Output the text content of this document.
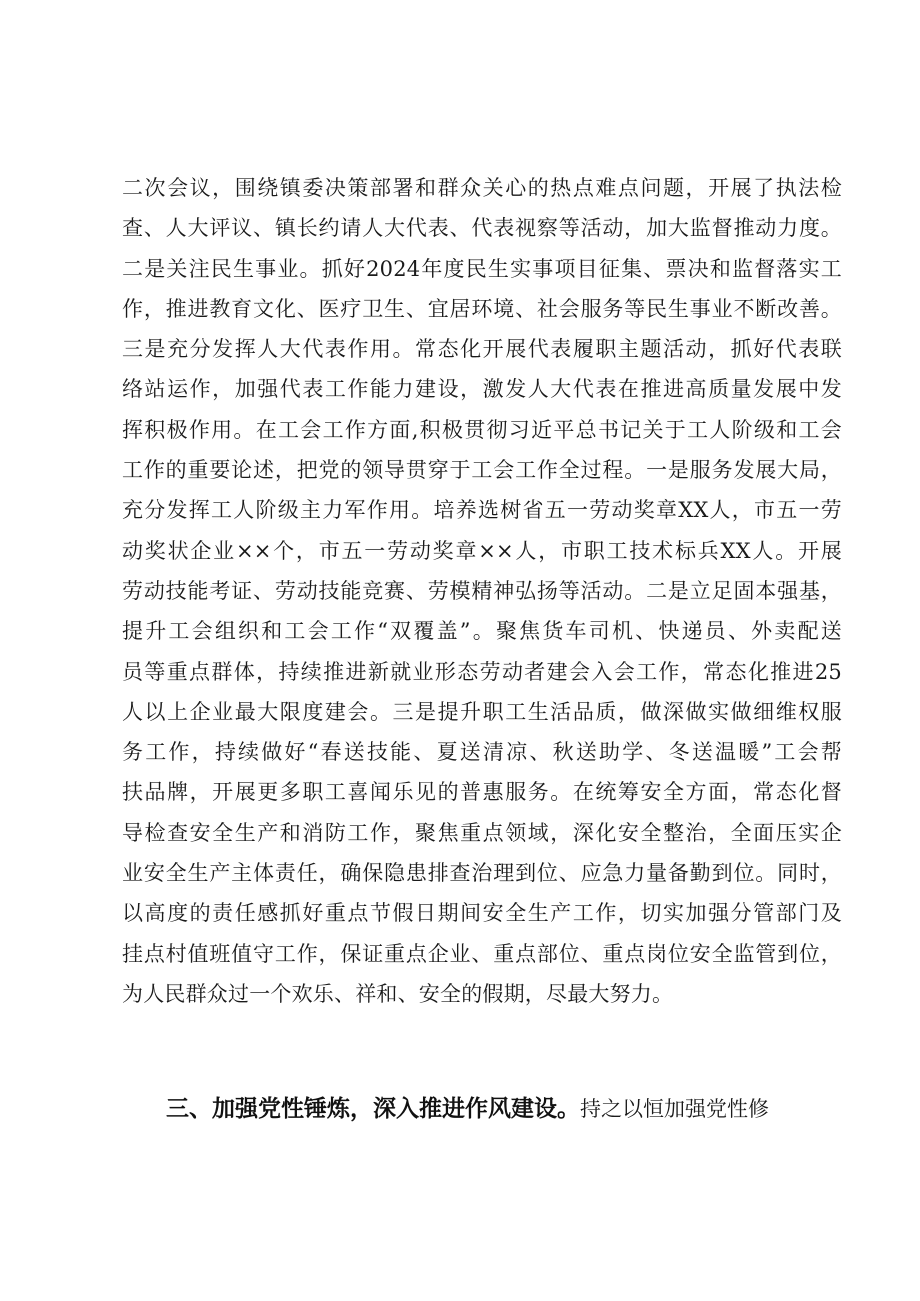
二次会议，围绕镇委决策部署和群众关心的热点难点问题，开展了执法检
查、人大评议、镇长约请人大代表、代表视察等活动，加大监督推动力度。
二是关注民生事业。抓好2024年度民生实事项目征集、票决和监督落实工
作，推进教育文化、医疗卫生、宜居环境、社会服务等民生事业不断改善。
三是充分发挥人大代表作用。常态化开展代表履职主题活动，抓好代表联
络站运作，加强代表工作能力建设，激发人大代表在推进高质量发展中发
挥积极作用。在工会工作方面,积极贯彻习近平总书记关于工人阶级和工会
工作的重要论述，把党的领导贯穿于工会工作全过程。一是服务发展大局，
充分发挥工人阶级主力军作用。培养选树省五一劳动奖章XX人，市五一劳
动奖状企业××个，市五一劳动奖章××人，市职工技术标兵XX人。开展
劳动技能考证、劳动技能竞赛、劳模精神弘扬等活动。二是立足固本强基，
提升工会组织和工会工作“双覆盖”。聚焦货车司机、快递员、外卖配送
员等重点群体，持续推进新就业形态劳动者建会入会工作，常态化推进25
人以上企业最大限度建会。三是提升职工生活品质，做深做实做细维权服
务工作，持续做好“春送技能、夏送清凉、秋送助学、冬送温暖”工会帮
扶品牌，开展更多职工喜闻乐见的普惠服务。在统筹安全方面，常态化督
导检查安全生产和消防工作，聚焦重点领域，深化安全整治，全面压实企
业安全生产主体责任，确保隐患排查治理到位、应急力量备勤到位。同时，
以高度的责任感抓好重点节假日期间安全生产工作，切实加强分管部门及
挂点村值班值守工作，保证重点企业、重点部位、重点岗位安全监管到位，
为人民群众过一个欢乐、祥和、安全的假期，尽最大努力。
三、加强党性锤炼，深入推进作风建设。持之以恒加强党性修
